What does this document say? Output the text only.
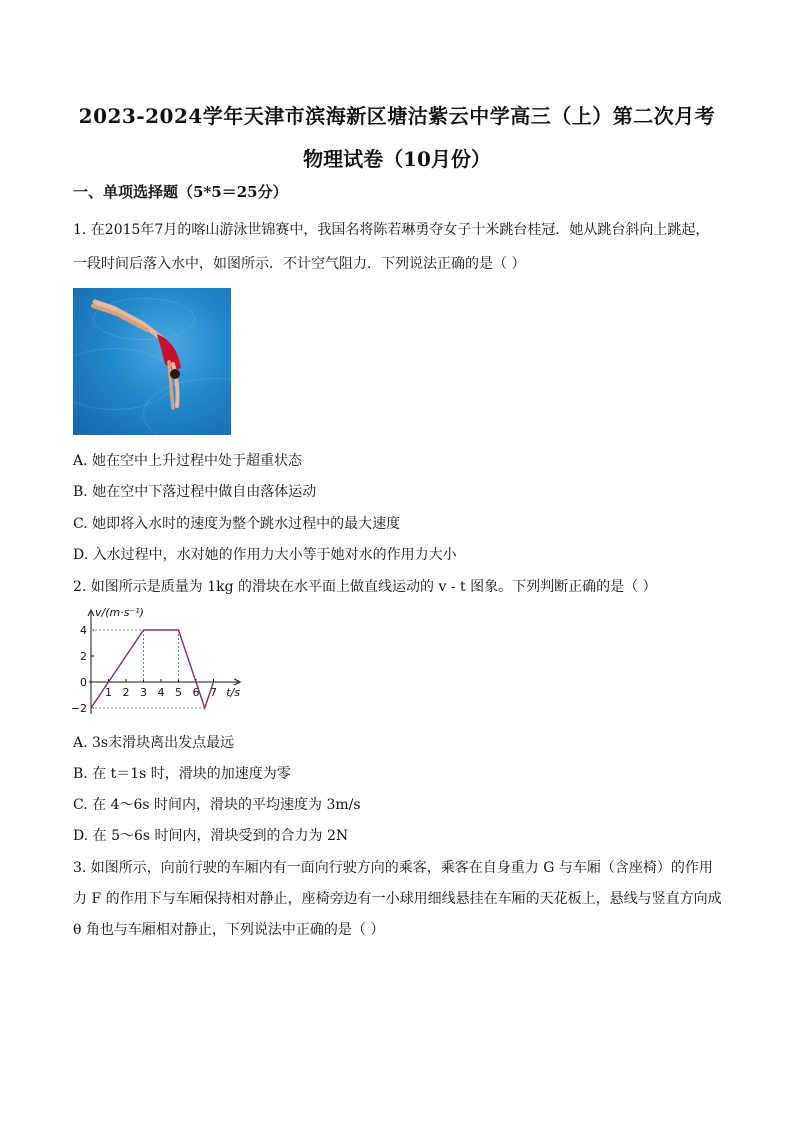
2023-2024学年天津市滨海新区塘沽紫云中学高三（上）第二次月考
物理试卷（10月份）
一、单项选择题（5*5＝25分）
1. 在2015年7月的喀山游泳世锦赛中，我国名将陈若琳勇夺女子十米跳台桂冠．她从跳台斜向上跳起，
一段时间后落入水中，如图所示．不计空气阻力．下列说法正确的是（ ）
A. 她在空中上升过程中处于超重状态
B. 她在空中下落过程中做自由落体运动
C. 她即将入水时的速度为整个跳水过程中的最大速度
D. 入水过程中，水对她的作用力大小等于她对水的作用力大小
2. 如图所示是质量为 1kg 的滑块在水平面上做直线运动的 v - t 图象。下列判断正确的是（ ）
4
2
0
−2
1 2 3 4 5 6 7
v/(m·s⁻¹)
t/s
A. 3s末滑块离出发点最远
B. 在 t＝1s 时，滑块的加速度为零
C. 在 4～6s 时间内，滑块的平均速度为 3m/s
D. 在 5～6s 时间内，滑块受到的合力为 2N
3. 如图所示，向前行驶的车厢内有一面向行驶方向的乘客，乘客在自身重力 G 与车厢（含座椅）的作用
力 F 的作用下与车厢保持相对静止，座椅旁边有一小球用细线悬挂在车厢的天花板上，悬线与竖直方向成
θ 角也与车厢相对静止，下列说法中正确的是（ ）
